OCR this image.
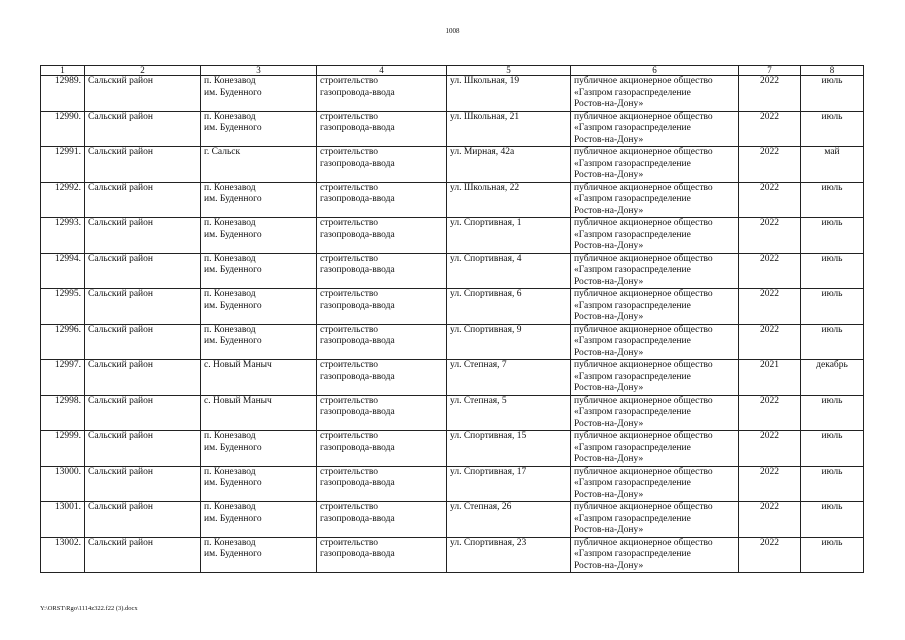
1008
1	2	3	4	5	6	7	8
12989.	Сальский район	п. Конезавод
им. Буденного	строительство
газопровода-ввода	ул. Школьная, 19	публичное акционерное общество
«Газпром газораспределение
Ростов-на-Дону»	2022	июль
12990.	Сальский район	п. Конезавод
им. Буденного	строительство
газопровода-ввода	ул. Школьная, 21	публичное акционерное общество
«Газпром газораспределение
Ростов-на-Дону»	2022	июль
12991.	Сальский район	г. Сальск	строительство
газопровода-ввода	ул. Мирная, 42а	публичное акционерное общество
«Газпром газораспределение
Ростов-на-Дону»	2022	май
12992.	Сальский район	п. Конезавод
им. Буденного	строительство
газопровода-ввода	ул. Школьная, 22	публичное акционерное общество
«Газпром газораспределение
Ростов-на-Дону»	2022	июль
12993.	Сальский район	п. Конезавод
им. Буденного	строительство
газопровода-ввода	ул. Спортивная, 1	публичное акционерное общество
«Газпром газораспределение
Ростов-на-Дону»	2022	июль
12994.	Сальский район	п. Конезавод
им. Буденного	строительство
газопровода-ввода	ул. Спортивная, 4	публичное акционерное общество
«Газпром газораспределение
Ростов-на-Дону»	2022	июль
12995.	Сальский район	п. Конезавод
им. Буденного	строительство
газопровода-ввода	ул. Спортивная, 6	публичное акционерное общество
«Газпром газораспределение
Ростов-на-Дону»	2022	июль
12996.	Сальский район	п. Конезавод
им. Буденного	строительство
газопровода-ввода	ул. Спортивная, 9	публичное акционерное общество
«Газпром газораспределение
Ростов-на-Дону»	2022	июль
12997.	Сальский район	с. Новый Маныч	строительство
газопровода-ввода	ул. Степная, 7	публичное акционерное общество
«Газпром газораспределение
Ростов-на-Дону»	2021	декабрь
12998.	Сальский район	с. Новый Маныч	строительство
газопровода-ввода	ул. Степная, 5	публичное акционерное общество
«Газпром газораспределение
Ростов-на-Дону»	2022	июль
12999.	Сальский район	п. Конезавод
им. Буденного	строительство
газопровода-ввода	ул. Спортивная, 15	публичное акционерное общество
«Газпром газораспределение
Ростов-на-Дону»	2022	июль
13000.	Сальский район	п. Конезавод
им. Буденного	строительство
газопровода-ввода	ул. Спортивная, 17	публичное акционерное общество
«Газпром газораспределение
Ростов-на-Дону»	2022	июль
13001.	Сальский район	п. Конезавод
им. Буденного	строительство
газопровода-ввода	ул. Степная, 26	публичное акционерное общество
«Газпром газораспределение
Ростов-на-Дону»	2022	июль
13002.	Сальский район	п. Конезавод
им. Буденного	строительство
газопровода-ввода	ул. Спортивная, 23	публичное акционерное общество
«Газпром газораспределение
Ростов-на-Дону»	2022	июль
Y:\ORST\Rgo\1114z322.f22 (3).docx
